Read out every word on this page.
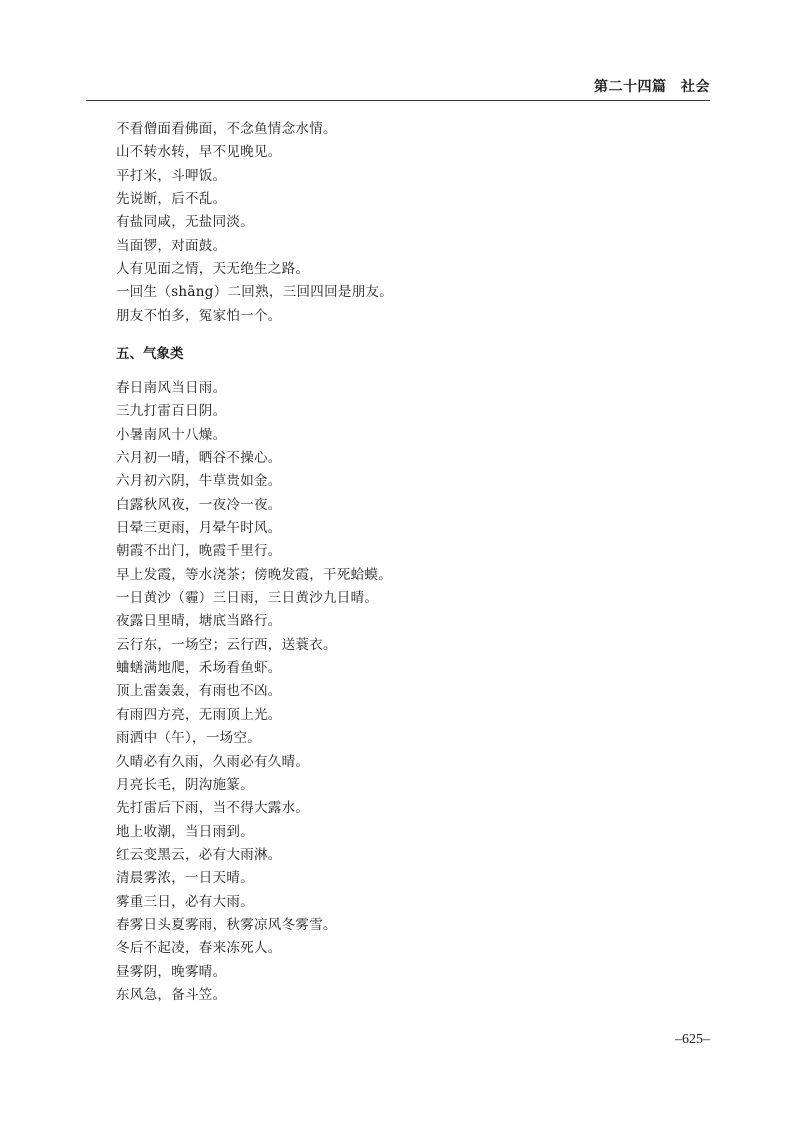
第二十四篇　社会
不看僧面看佛面，不念鱼情念水情。
山不转水转，早不见晚见。
平打米，斗呷饭。
先说断，后不乱。
有盐同咸，无盐同淡。
当面锣，对面鼓。
人有见面之情，天无绝生之路。
一回生（shāng）二回熟，三回四回是朋友。
朋友不怕多，冤家怕一个。
五、气象类
春日南风当日雨。
三九打雷百日阴。
小暑南风十八燥。
六月初一晴，晒谷不操心。
六月初六阴，牛草贵如金。
白露秋风夜，一夜冷一夜。
日晕三更雨，月晕午时风。
朝霞不出门，晚霞千里行。
早上发霞，等水浇茶；傍晚发霞，干死蛤蟆。
一日黄沙（霾）三日雨，三日黄沙九日晴。
夜露日里晴，塘底当路行。
云行东，一场空；云行西，送蓑衣。
蛐蟮满地爬，禾场看鱼虾。
顶上雷轰轰，有雨也不凶。
有雨四方亮，无雨顶上光。
雨洒中（午），一场空。
久晴必有久雨，久雨必有久晴。
月亮长毛，阴沟施篆。
先打雷后下雨，当不得大露水。
地上收潮，当日雨到。
红云变黑云，必有大雨淋。
清晨雾浓，一日天晴。
雾重三日，必有大雨。
春雾日头夏雾雨，秋雾凉风冬雾雪。
冬后不起凌，春来冻死人。
昼雾阴，晚雾晴。
东风急，备斗笠。
–625–
